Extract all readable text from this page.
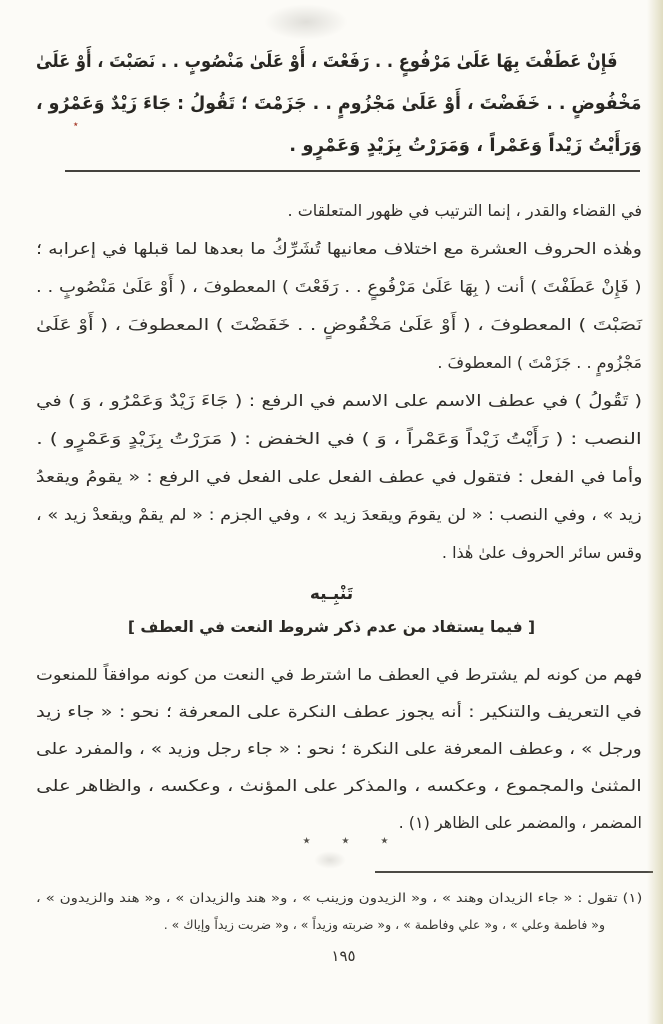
فَإِنْ عَطَفْتَ بِهَا عَلَىٰ مَرْفُوعٍ . . رَفَعْتَ ، أَوْ عَلَىٰ مَنْصُوبٍ . . نَصَبْتَ ، أَوْ عَلَىٰ
مَخْفُوضٍ . . خَفَضْتَ ، أَوْ عَلَىٰ مَجْزُومٍ . . جَزَمْتَ ؛ تَقُولُ : جَاءَ زَيْدٌ وَعَمْرُو ،
وَرَأَيْتُ زَيْداً وَعَمْراً ، وَمَرَرْتُ بِزَيْدٍ وَعَمْرٍو .
٭
في القضاء والقدر ، إنما الترتيب في ظهور المتعلقات .
وهٰذه الحروف العشرة مع اختلاف معانيها تُشَرِّكُ ما بعدها لما قبلها في إعرابه ؛
( فَإِنْ عَطَفْتَ ) أنت ( بِهَا عَلَىٰ مَرْفُوعٍ . . رَفَعْتَ ) المعطوفَ ، ( أَوْ عَلَىٰ مَنْصُوبٍ . .
نَصَبْتَ ) المعطوفَ ، ( أَوْ عَلَىٰ مَخْفُوضٍ . . خَفَضْتَ ) المعطوفَ ، ( أَوْ عَلَىٰ
مَجْزُومٍ . . جَزَمْتَ ) المعطوفَ .
( تَقُولُ ) في عطف الاسم على الاسم في الرفع : ( جَاءَ زَيْدٌ وَعَمْرُو ، وَ ) في
النصب : ( رَأَيْتُ زَيْداً وَعَمْراً ، وَ ) في الخفض : ( مَرَرْتُ بِزَيْدٍ وَعَمْرٍو ) .
وأما في الفعل : فتقول في عطف الفعل على الفعل في الرفع : « يقومُ ويقعدُ
زيد » ، وفي النصب : « لن يقومَ ويقعدَ زيد » ، وفي الجزم : « لم يقمْ ويقعدْ زيد » ،
وقس سائر الحروف علىٰ هٰذا .
تَنْبِـيه
[ فيما يستفاد من عدم ذكر شروط النعت في العطف ]
فهم من كونه لم يشترط في العطف ما اشترط في النعت من كونه موافقاً للمنعوت
في التعريف والتنكير : أنه يجوز عطف النكرة على المعرفة ؛ نحو : « جاء زيد
ورجل » ، وعطف المعرفة على النكرة ؛ نحو : « جاء رجل وزيد » ، والمفرد على
المثنىٰ والمجموع ، وعكسه ، والمذكر على المؤنث ، وعكسه ، والظاهر على
المضمر ، والمضمر على الظاهر (١) .
٭ ٭ ٭
(١) تقول : « جاء الزيدان وهند » ، و« الزيدون وزينب » ، و« هند والزيدان » ، و« هند والزيدون » ،
و« فاطمة وعلي » ، و« علي وفاطمة » ، و« ضربته وزيداً » ، و« ضربت زيداً وإياك » .
١٩٥
